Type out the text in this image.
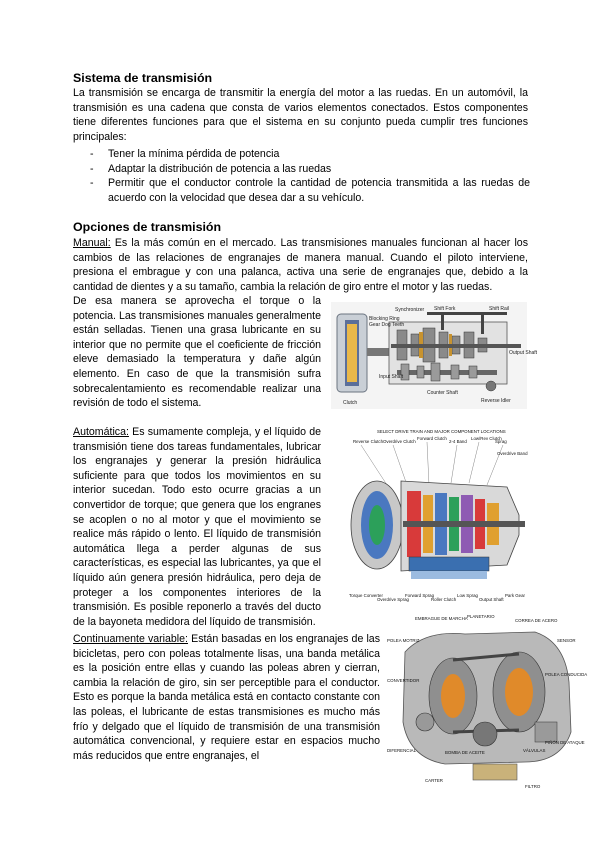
Sistema de transmisión

La transmisión se encarga de transmitir la energía del motor a las ruedas. En un automóvil, la transmisión es una cadena que consta de varios elementos conectados. Estos componentes tiene diferentes funciones para que el sistema en su conjunto pueda cumplir tres funciones principales:

- Tener la mínima pérdida de potencia
- Adaptar la distribución de potencia a las ruedas
- Permitir que el conductor controle la cantidad de potencia transmitida a las ruedas de acuerdo con la velocidad que desea dar a su vehículo.
Opciones de transmisión

Manual: Es la más común en el mercado. Las transmisiones manuales funcionan al hacer los cambios de las relaciones de engranajes de manera manual. Cuando el piloto interviene, presiona el embrague y con una palanca, activa una serie de engranajes que, debido a la cantidad de dientes y a su tamaño, cambia la relación de giro entre el motor y las ruedas.

De esa manera se aprovecha el torque o la potencia. Las transmisiones manuales generalmente están selladas. Tienen una grasa lubricante en su interior que no permite que el coeficiente de fricción eleve demasiado la temperatura y dañe algún elemento. En caso de que la transmisión sufra sobrecalentamiento es recomendable realizar una revisión de todo el sistema.

Automática: Es sumamente compleja, y el líquido de transmisión tiene dos tareas fundamentales, lubricar los engranajes y generar la presión hidráulica suficiente para que todos los movimientos en su interior sucedan. Todo esto ocurre gracias a un convertidor de torque; que genera que los engranes se acoplen o no al motor y que el movimiento se realice más rápido o lento. El líquido de transmisión automática llega a perder algunas de sus características, es especial las lubricantes, ya que el líquido aún genera presión hidráulica, pero deja de proteger a los componentes interiores de la transmisión. Es posible reponerlo a través del ducto de la bayoneta medidora del líquido de transmisión.

Continuamente variable: Están basadas en los engranajes de las bicicletas, pero con poleas totalmente lisas, una banda metálica es la posición entre ellas y cuando las poleas abren y cierran, cambia la relación de giro, sin ser perceptible para el conductor. Esto es porque la banda metálica está en contacto constante con las poleas, el lubricante de estas transmisiones es mucho más frío y delgado que el líquido de transmisión de una transmisión automática convencional, y requiere estar en espacios mucho más reducidos que entre engranajes, el

Synchronizer Shift Fork	Shift Rail
Blocking Ring
Gear Dog Teeth
Output Shaft
Input Shaft
Counter Shaft
Clutch	Reverse Idler
SELECT DRIVE TRAIN AND MAJOR COMPONENT LOCATIONS
Reverse Clutch Overdrive Clutch
Forward Clutch
2-4 Band
Low/Rev Clutch
Sprag
Overdrive Band
Torque Converter
Overdrive Sprag
Forward Sprag
Roller Clutch
Low Sprag
Output Shaft
Park Gear
EMBRAGUE DE MARCHA PLANETARIO
POLEA MOTRIZ
CORREA DE ACERO
SENSOR
POLEA CONDUCIDA
DIFERENCIAL	BOMBA DE ACEITE
CONVERTIDOR
VÁLVULAS
PIÑÓN DE ATAQUE
CARTER
FILTRO
